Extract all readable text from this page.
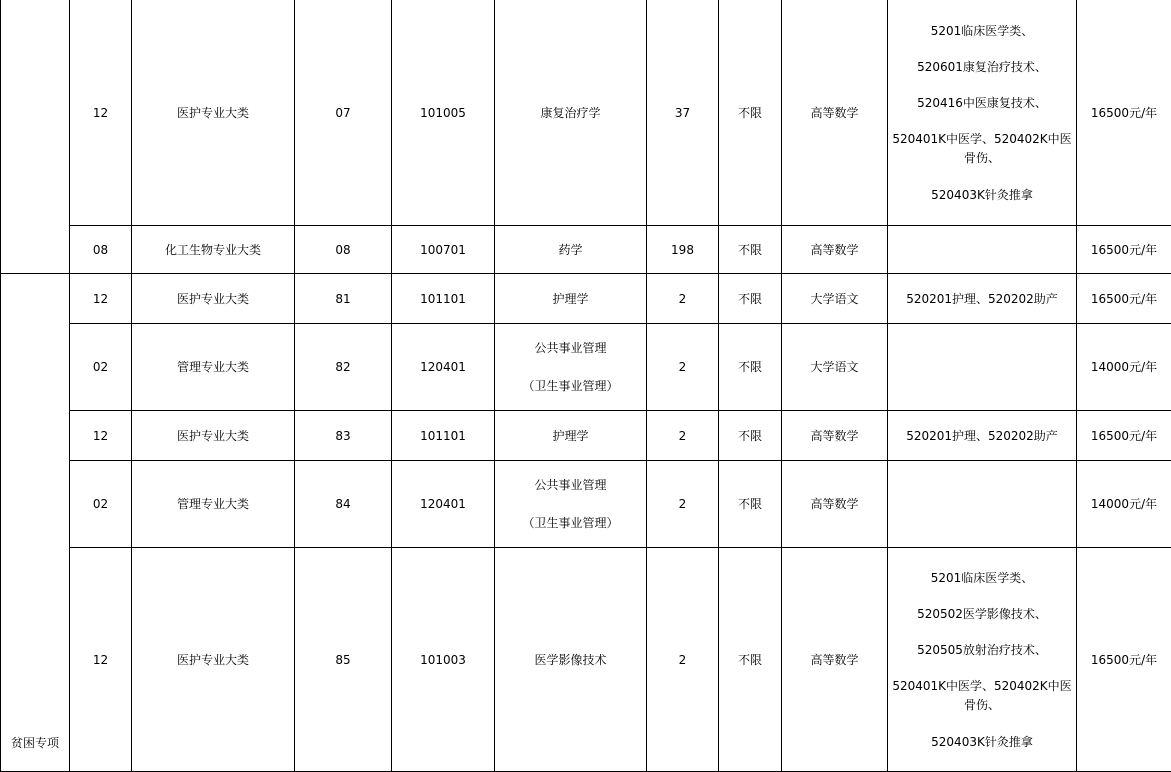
	12	医护专业大类	07	101005	康复治疗学	37	不限	高等数学	5201临床医学类、
520601康复治疗技术、
520416中医康复技术、
520401K中医学、520402K中医骨伤、
520403K针灸推拿	16500元/年
	08	化工生物专业大类	08	100701	药学	198	不限	高等数学		16500元/年
贫困专项	12	医护专业大类	81	101101	护理学	2	不限	大学语文	520201护理、520202助产	16500元/年
	02	管理专业大类	82	120401	公共事业管理
（卫生事业管理）	2	不限	大学语文		14000元/年
	12	医护专业大类	83	101101	护理学	2	不限	高等数学	520201护理、520202助产	16500元/年
	02	管理专业大类	84	120401	公共事业管理
（卫生事业管理）	2	不限	高等数学		14000元/年
	12	医护专业大类	85	101003	医学影像技术	2	不限	高等数学	5201临床医学类、
520502医学影像技术、
520505放射治疗技术、
520401K中医学、520402K中医骨伤、
520403K针灸推拿	16500元/年
